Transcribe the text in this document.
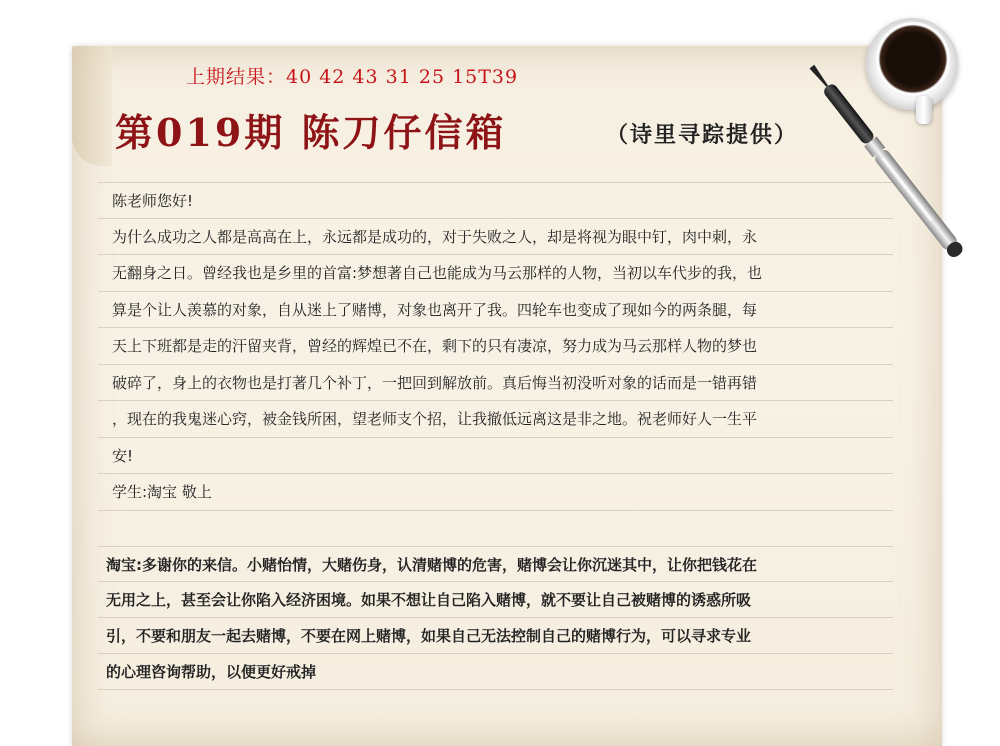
上期结果：40 42 43 31 25 15T39
第019期 陈刀仔信箱	（诗里寻踪提供）
陈老师您好!
为什么成功之人都是高高在上，永远都是成功的，对于失败之人，却是将视为眼中钉，肉中刺，永
无翻身之日。曾经我也是乡里的首富:梦想著自己也能成为马云那样的人物，当初以车代步的我，也
算是个让人羡慕的对象，自从迷上了赌博，对象也离开了我。四轮车也变成了现如今的两条腿，每
天上下班都是走的汗留夹背，曾经的辉煌已不在，剩下的只有凄凉，努力成为马云那样人物的梦也
破碎了，身上的衣物也是打著几个补丁，一把回到解放前。真后悔当初没听对象的话而是一错再错
，现在的我鬼迷心窍，被金钱所困，望老师支个招，让我撤低远离这是非之地。祝老师好人一生平
安!
学生:淘宝 敬上
淘宝:多谢你的来信。小赌怡情，大赌伤身，认清赌博的危害，赌博会让你沉迷其中，让你把钱花在
无用之上，甚至会让你陷入经济困境。如果不想让自己陷入赌博，就不要让自己被赌博的诱惑所吸
引，不要和朋友一起去赌博，不要在网上赌博，如果自己无法控制自己的赌博行为，可以寻求专业
的心理咨询帮助，以便更好戒掉
